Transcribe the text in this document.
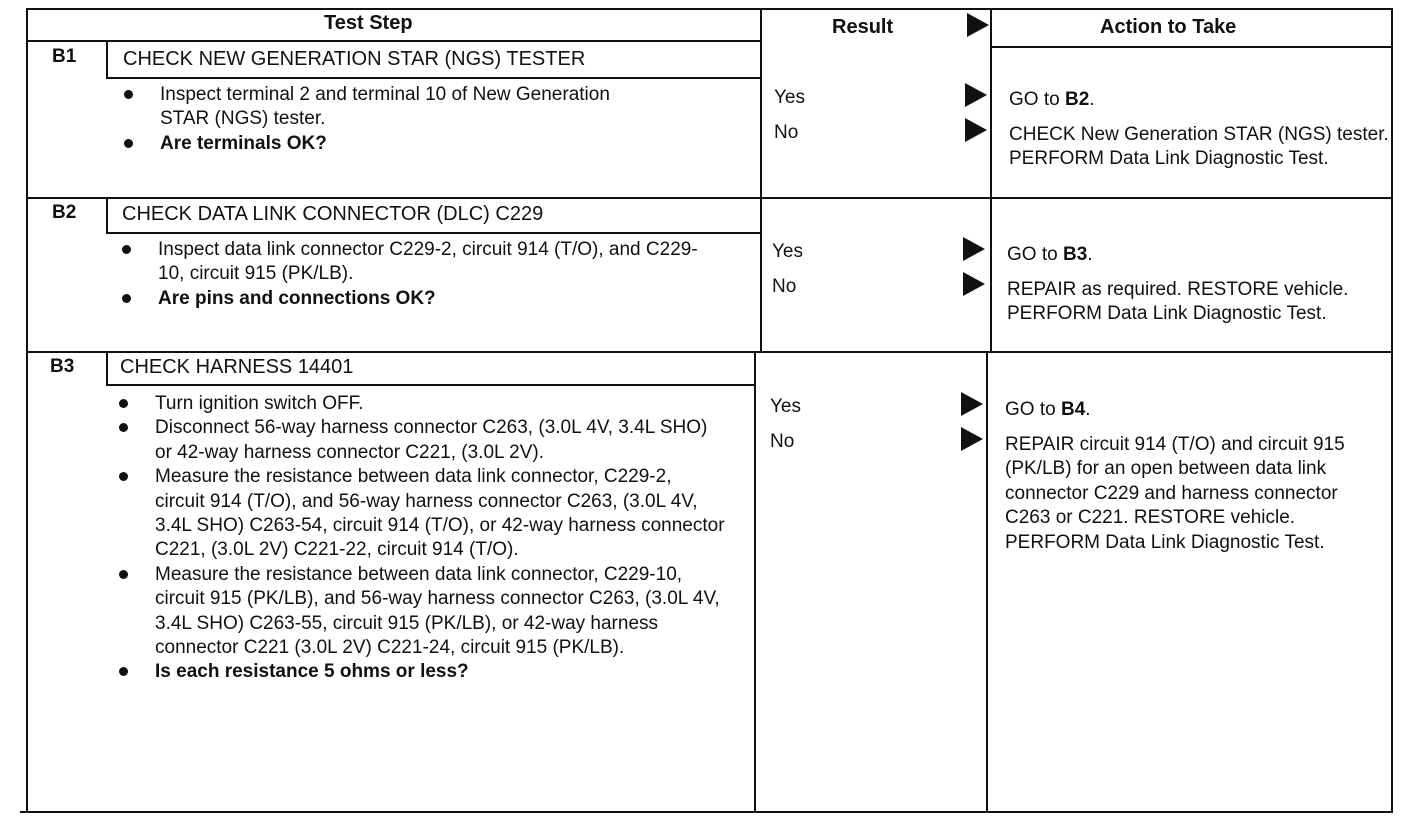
Test Step	Result	Action to Take
B1 CHECK NEW GENERATION STAR (NGS) TESTER
Inspect terminal 2 and terminal 10 of New Generation STAR (NGS) tester.
Are terminals OK?
Yes	GO to B2.
No	CHECK New Generation STAR (NGS) tester. PERFORM Data Link Diagnostic Test.
B2 CHECK DATA LINK CONNECTOR (DLC) C229
Inspect data link connector C229-2, circuit 914 (T/O), and C229-10, circuit 915 (PK/LB).
Are pins and connections OK?
Yes	GO to B3.
No	REPAIR as required. RESTORE vehicle. PERFORM Data Link Diagnostic Test.
B3 CHECK HARNESS 14401
Turn ignition switch OFF.
Disconnect 56-way harness connector C263, (3.0L 4V, 3.4L SHO) or 42-way harness connector C221, (3.0L 2V).
Measure the resistance between data link connector, C229-2, circuit 914 (T/O), and 56-way harness connector C263, (3.0L 4V, 3.4L SHO) C263-54, circuit 914 (T/O), or 42-way harness connector C221, (3.0L 2V) C221-22, circuit 914 (T/O).
Measure the resistance between data link connector, C229-10, circuit 915 (PK/LB), and 56-way harness connector C263, (3.0L 4V, 3.4L SHO) C263-55, circuit 915 (PK/LB), or 42-way harness connector C221 (3.0L 2V) C221-24, circuit 915 (PK/LB).
Is each resistance 5 ohms or less?
Yes	GO to B4.
No	REPAIR circuit 914 (T/O) and circuit 915 (PK/LB) for an open between data link connector C229 and harness connector C263 or C221. RESTORE vehicle. PERFORM Data Link Diagnostic Test.
